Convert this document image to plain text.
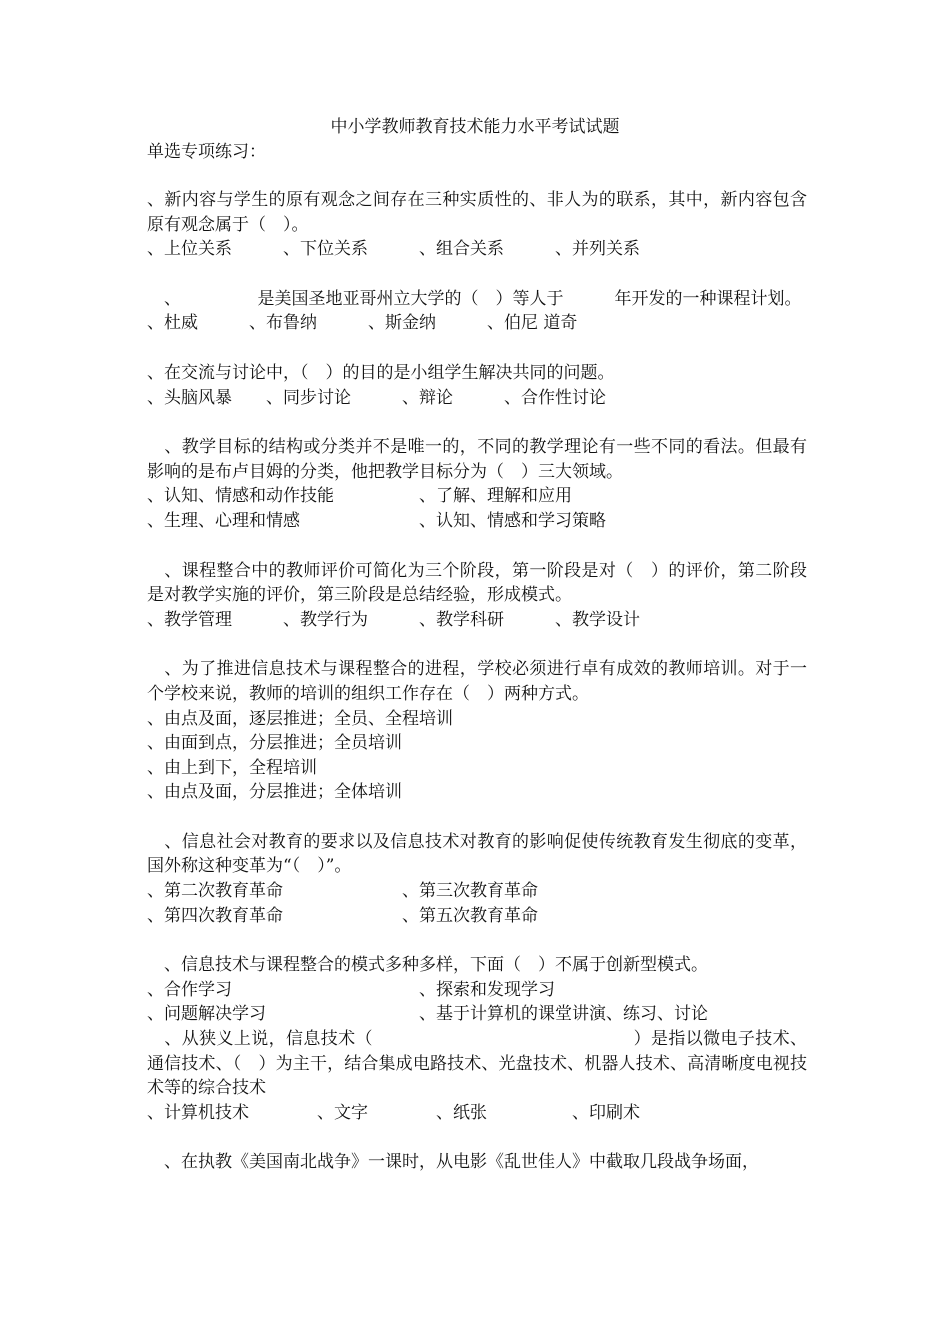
中小学教师教育技术能力水平考试试题
单选专项练习：
、新内容与学生的原有观念之间存在三种实质性的、非人为的联系，其中，新内容包含原有观念属于（　）。
、上位关系　　　、下位关系　　　、组合关系　　　、并列关系
　、　　　　　是美国圣地亚哥州立大学的（　）等人于　　　年开发的一种课程计划。
、杜威　　　、布鲁纳　　　、斯金纳　　　、伯尼 道奇
、在交流与讨论中，（　）的目的是小组学生解决共同的问题。
、头脑风暴　　、同步讨论　　　、辩论　　　、合作性讨论
　、教学目标的结构或分类并不是唯一的，不同的教学理论有一些不同的看法。但最有影响的是布卢目姆的分类，他把教学目标分为（　）三大领域。
、认知、情感和动作技能　　　　　、了解、理解和应用
、生理、心理和情感　　　　　　　、认知、情感和学习策略
　、课程整合中的教师评价可简化为三个阶段，第一阶段是对（　）的评价，第二阶段是对教学实施的评价，第三阶段是总结经验，形成模式。
、教学管理　　　、教学行为　　　、教学科研　　　、教学设计
　、为了推进信息技术与课程整合的进程，学校必须进行卓有成效的教师培训。对于一个学校来说，教师的培训的组织工作存在（　）两种方式。
、由点及面，逐层推进；全员、全程培训
、由面到点，分层推进；全员培训
、由上到下，全程培训
、由点及面，分层推进；全体培训
　、信息社会对教育的要求以及信息技术对教育的影响促使传统教育发生彻底的变革，国外称这种变革为“（　）”。
、第二次教育革命　　　　　　　、第三次教育革命
、第四次教育革命　　　　　　　、第五次教育革命
　、信息技术与课程整合的模式多种多样，下面（　）不属于创新型模式。
、合作学习　　　　　　　　　　　、探索和发现学习
、问题解决学习　　　　　　　　　、基于计算机的课堂讲演、练习、讨论
　、从狭义上说，信息技术（　　　　　　　　　　　　　　　）是指以微电子技术、通信技术、（　）为主干，结合集成电路技术、光盘技术、机器人技术、高清晰度电视技术等的综合技术
、计算机技术　　　　、文字　　　　、纸张　　　　　、印刷术
　、在执教《美国南北战争》一课时，从电影《乱世佳人》中截取几段战争场面，
